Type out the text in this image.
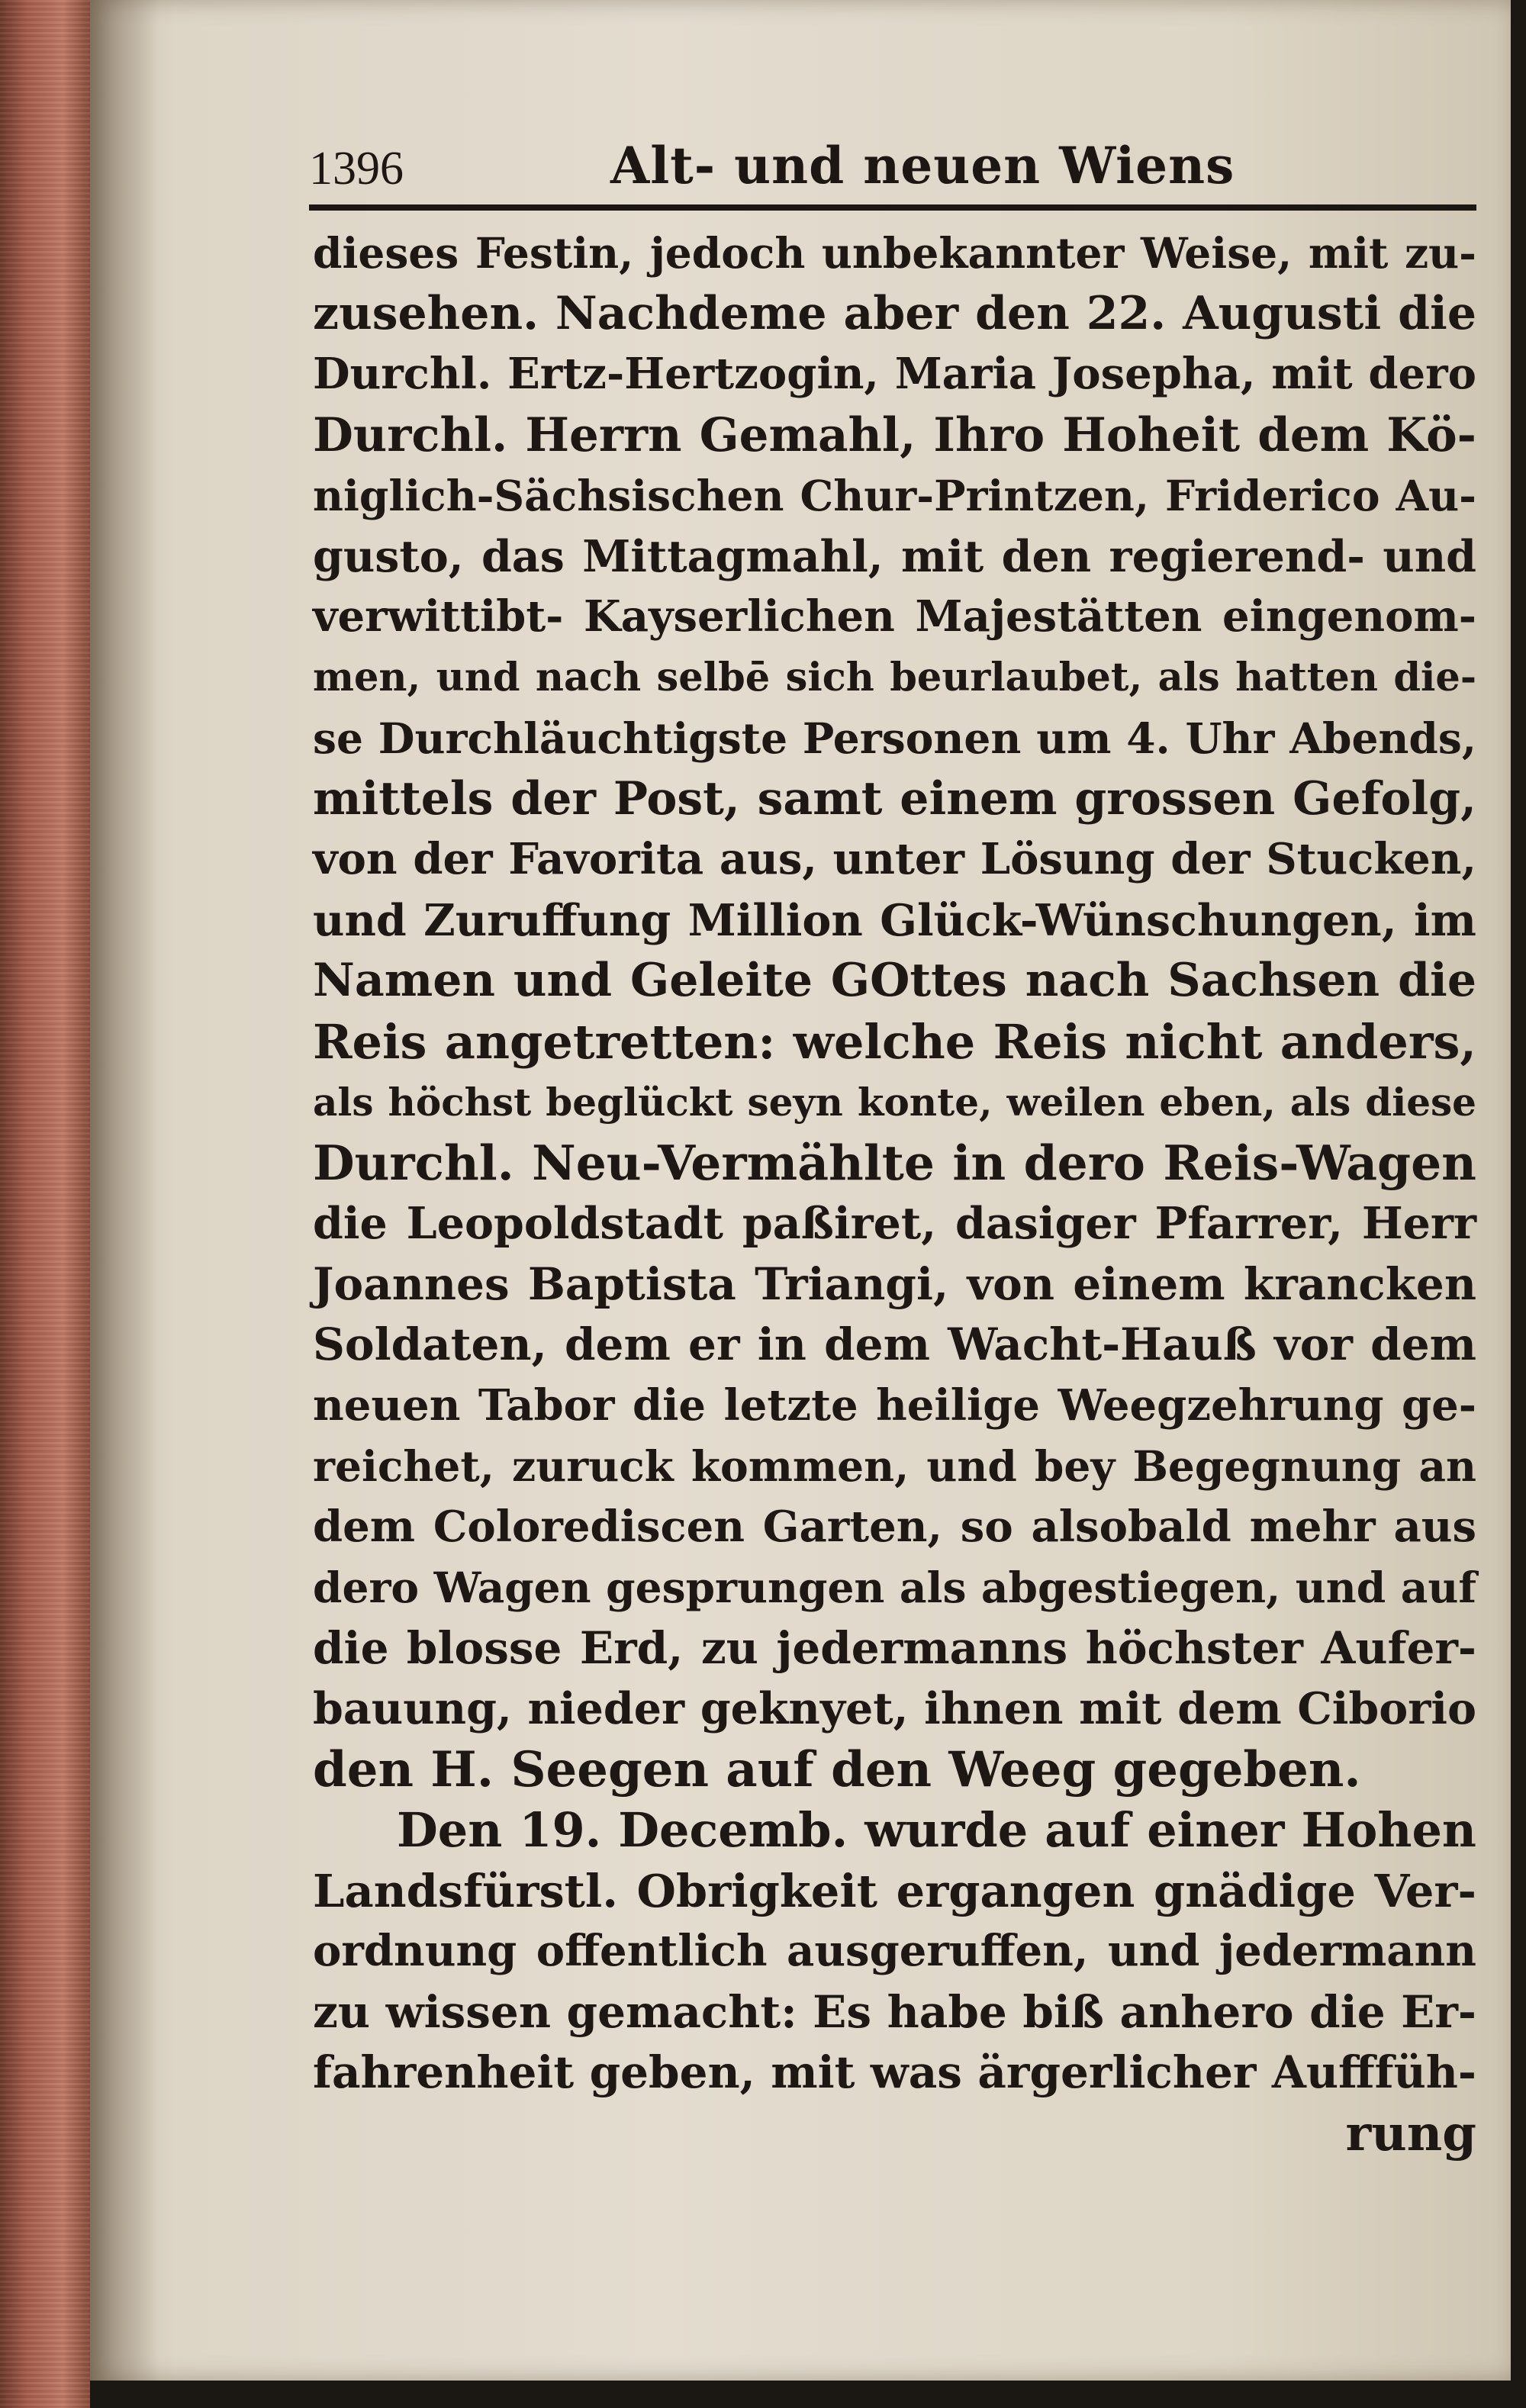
1396	Alt- und neuen Wiens
dieses Festin, jedoch unbekannter Weise, mit zu-
zusehen. Nachdeme aber den 22. Augusti die
Durchl. Ertz-Hertzogin, Maria Josepha, mit dero
Durchl. Herrn Gemahl, Ihro Hoheit dem Kö-
niglich-Sächsischen Chur-Printzen, Friderico Au-
gusto, das Mittagmahl, mit den regierend- und
verwittibt- Kayserlichen Majestätten eingenom-
men, und nach selbē sich beurlaubet, als hatten die-
se Durchläuchtigste Personen um 4. Uhr Abends,
mittels der Post, samt einem grossen Gefolg,
von der Favorita aus, unter Lösung der Stucken,
und Zuruffung Million Glück-Wünschungen, im
Namen und Geleite GOttes nach Sachsen die
Reis angetretten: welche Reis nicht anders,
als höchst beglückt seyn konte, weilen eben, als diese
Durchl. Neu-Vermählte in dero Reis-Wagen
die Leopoldstadt paßiret, dasiger Pfarrer, Herr
Joannes Baptista Triangi, von einem krancken
Soldaten, dem er in dem Wacht-Hauß vor dem
neuen Tabor die letzte heilige Weegzehrung ge-
reichet, zuruck kommen, und bey Begegnung an
dem Colorediscen Garten, so alsobald mehr aus
dero Wagen gesprungen als abgestiegen, und auf
die blosse Erd, zu jedermanns höchster Aufer-
bauung, nieder geknyet, ihnen mit dem Ciborio
den H. Seegen auf den Weeg gegeben.
Den 19. Decemb. wurde auf einer Hohen
Landsfürstl. Obrigkeit ergangen gnädige Ver-
ordnung offentlich ausgeruffen, und jedermann
zu wissen gemacht: Es habe biß anhero die Er-
fahrenheit geben, mit was ärgerlicher Aufffüh-
rung
